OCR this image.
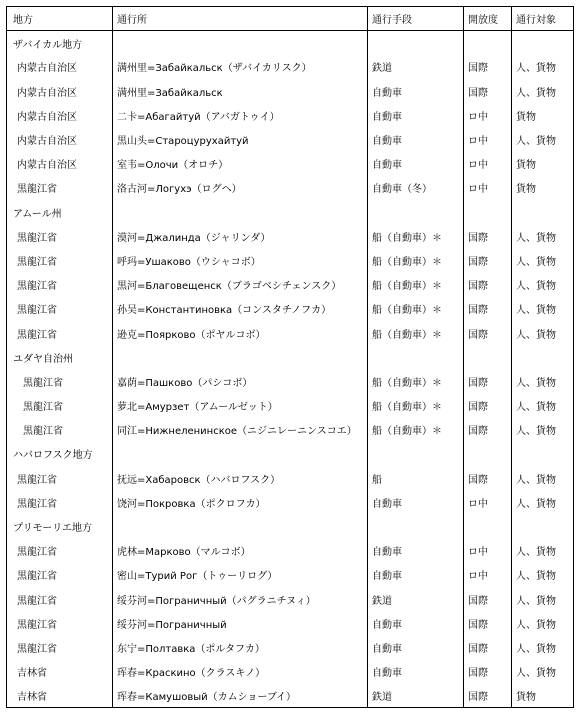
地方	通行所	通行手段	開放度	通行対象
ザバイカル地方				
内蒙古自治区	满州里=Забайкальск（ザバイカリスク）	鉄道	国際	人、貨物
内蒙古自治区	满州里=Забайкальск	自動車	国際	人、貨物
内蒙古自治区	二卡=Абагайтуй（アバガトゥイ）	自動車	ロ中	貨物
内蒙古自治区	黒山头=Староцурухайтуй	自動車	ロ中	人、貨物
内蒙古自治区	室韦=Олочи（オロチ）	自動車	ロ中	貨物
黒龍江省	洛古河=Логухэ（ログヘ）	自動車（冬）	ロ中	貨物
アムール州				
黒龍江省	漠河=Джалинда（ジャリンダ）	船（自動車）＊	国際	人、貨物
黒龍江省	呼玛=Ушаково（ウシャコボ）	船（自動車）＊	国際	人、貨物
黒龍江省	黒河=Благовещенск（ブラゴベシチェンスク）	船（自動車）＊	国際	人、貨物
黒龍江省	孙吴=Константиновка（コンスタチノフカ）	船（自動車）＊	国際	人、貨物
黒龍江省	逊克=Поярково（ポヤルコボ）	船（自動車）＊	国際	人、貨物
ユダヤ自治州				
黒龍江省	嘉荫=Пашково（パシコボ）	船（自動車）＊	国際	人、貨物
黒龍江省	萝北=Амурзет（アムールゼット）	船（自動車）＊	国際	人、貨物
黒龍江省	同江=Нижнеленинское（ニジニレーニンスコエ）	船（自動車）＊	国際	人、貨物
ハバロフスク地方				
黒龍江省	抚远=Хабаровск（ハバロフスク）	船	国際	人、貨物
黒龍江省	饶河=Покровка（ポクロフカ）	自動車	ロ中	人、貨物
プリモーリエ地方				
黒龍江省	虎林=Марково（マルコボ）	自動車	ロ中	人、貨物
黒龍江省	密山=Турий Рог（トゥーリログ）	自動車	ロ中	人、貨物
黒龍江省	绥芬河=Пограничный（パグラニチヌィ）	鉄道	国際	人、貨物
黒龍江省	绥芬河=Пограничный	自動車	国際	人、貨物
黒龍江省	东宁=Полтавка（ポルタフカ）	自動車	国際	人、貨物
吉林省	珲春=Краскино（クラスキノ）	自動車	国際	人、貨物
吉林省	珲春=Камушовый（カムショーブイ）	鉄道	国際	貨物
